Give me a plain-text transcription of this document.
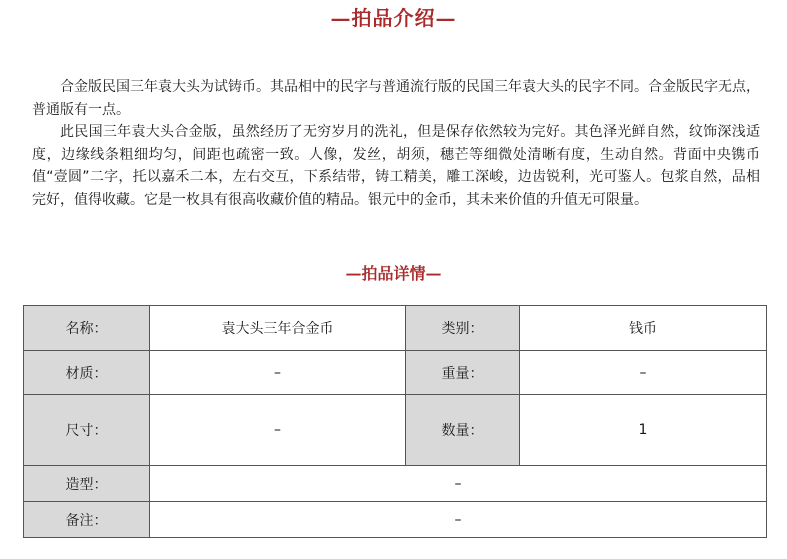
—拍品介绍—

合金版民国三年袁大头为试铸币。其品相中的民字与普通流行版的民国三年袁大头的民字不同。合金版民字无点，普通版有一点。

此民国三年袁大头合金版，虽然经历了无穷岁月的洗礼，但是保存依然较为完好。其色泽光鲜自然，纹饰深浅适度，边缘线条粗细均匀，间距也疏密一致。人像，发丝，胡须，穗芒等细微处清晰有度，生动自然。背面中央镌币值“壹圆”二字，托以嘉禾二本，左右交互，下系结带，铸工精美，雕工深峻，边齿锐利，光可鉴人。包浆自然，品相完好，值得收藏。它是一枚具有很高收藏价值的精品。银元中的金币，其未来价值的升值无可限量。

—拍品详情—
名称：	袁大头三年合金币	类别：	钱币
材质：	–	重量：	–
尺寸：	–	数量：	1
造型：	–		
备注：	–		
